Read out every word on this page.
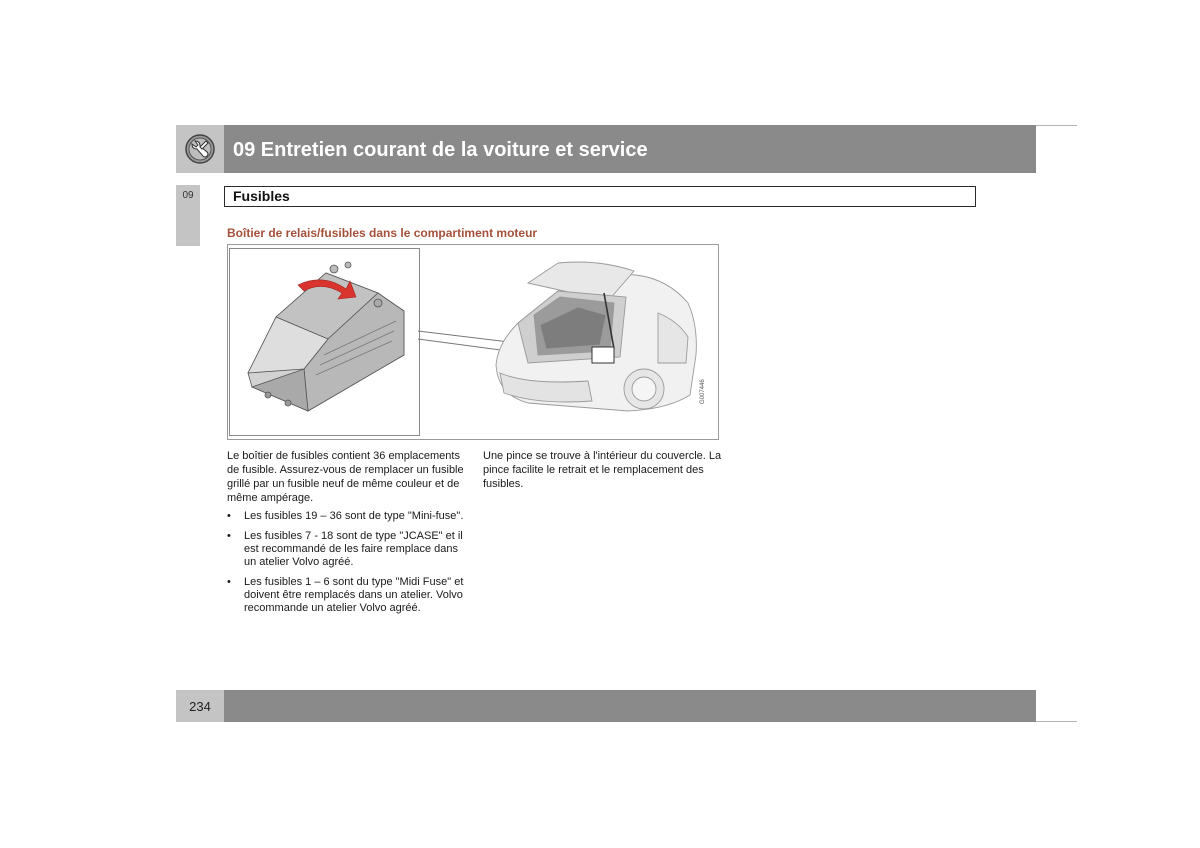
09 Entretien courant de la voiture et service
09	Fusibles
Boîtier de relais/fusibles dans le compartiment moteur
G007446
Le boîtier de fusibles contient 36 emplacements de fusible. Assurez-vous de remplacer un fusible grillé par un fusible neuf de même couleur et de même ampérage.
• Les fusibles 19 – 36 sont de type "Mini-fuse".
• Les fusibles 7 - 18 sont de type "JCASE" et il est recommandé de les faire remplace dans un atelier Volvo agréé.
• Les fusibles 1 – 6 sont du type "Midi Fuse" et doivent être remplacés dans un atelier. Volvo recommande un atelier Volvo agréé.
Une pince se trouve à l'intérieur du couvercle. La pince facilite le retrait et le remplacement des fusibles.
234
